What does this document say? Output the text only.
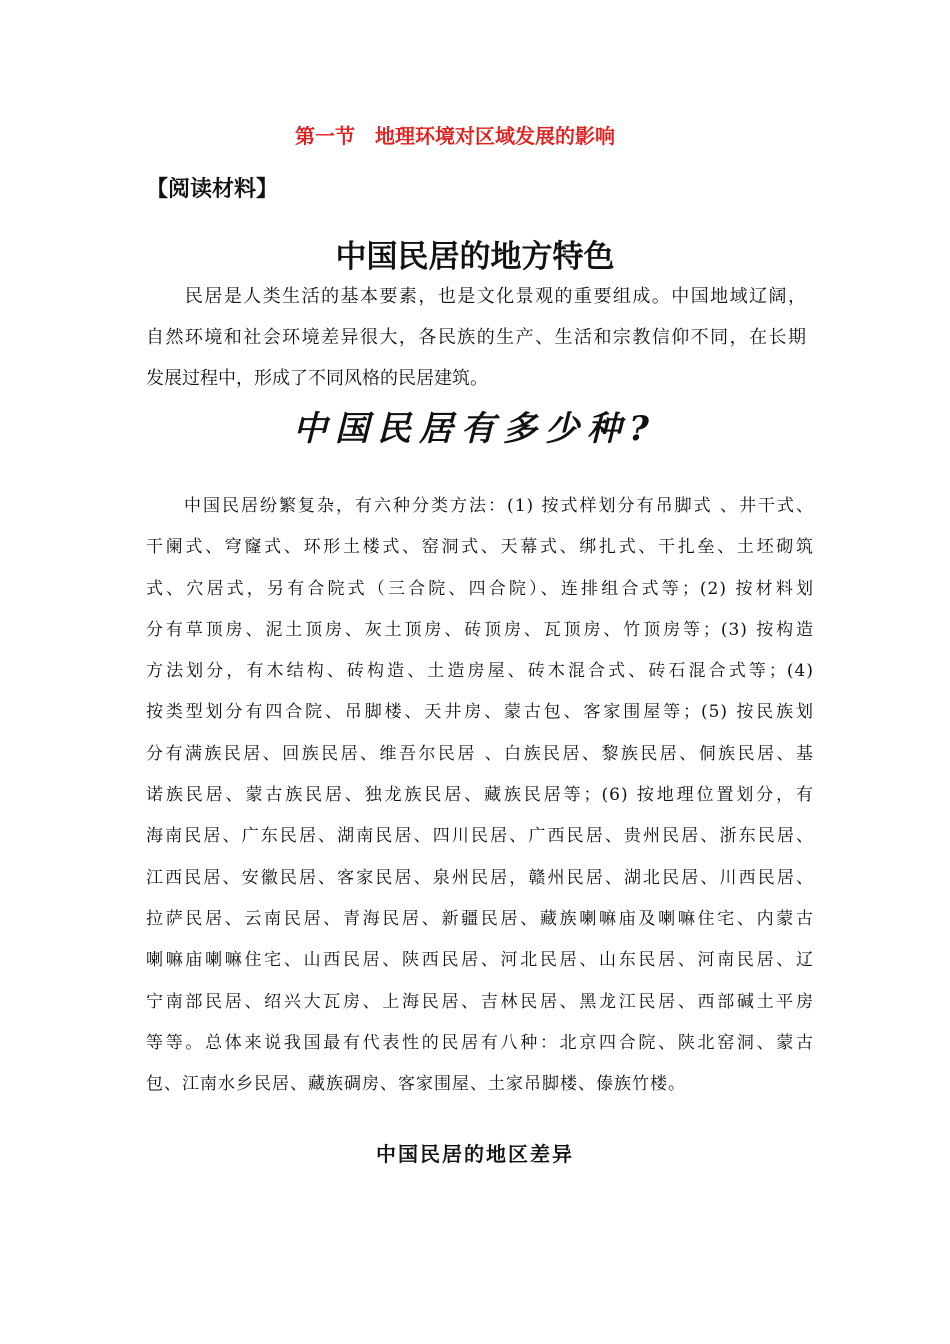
第一节　地理环境对区域发展的影响
【阅读材料】
中国民居的地方特色
　　民居是人类生活的基本要素，也是文化景观的重要组成。中国地域辽阔，
自然环境和社会环境差异很大，各民族的生产、生活和宗教信仰不同，在长期
发展过程中，形成了不同风格的民居建筑。
中国民居有多少种?
　　中国民居纷繁复杂，有六种分类方法：(1) 按式样划分有吊脚式 、井干式、
干阑式、穹窿式、环形土楼式、窑洞式、天幕式、绑扎式、干扎垒、土坯砌筑
式、穴居式，另有合院式（三合院、四合院）、连排组合式等；(2) 按材料划
分有草顶房、泥土顶房、灰土顶房、砖顶房、瓦顶房、竹顶房等；(3) 按构造
方法划分，有木结构、砖构造、土造房屋、砖木混合式、砖石混合式等；(4)
按类型划分有四合院、吊脚楼、天井房、蒙古包、客家围屋等；(5) 按民族划
分有满族民居、回族民居、维吾尔民居 、白族民居、黎族民居、侗族民居、基
诺族民居、蒙古族民居、独龙族民居、藏族民居等；(6) 按地理位置划分，有
海南民居、广东民居、湖南民居、四川民居、广西民居、贵州民居、浙东民居、
江西民居、安徽民居、客家民居、泉州民居，赣州民居、湖北民居、川西民居、
拉萨民居、云南民居、青海民居、新疆民居、藏族喇嘛庙及喇嘛住宅、内蒙古
喇嘛庙喇嘛住宅、山西民居、陕西民居、河北民居、山东民居、河南民居、辽
宁南部民居、绍兴大瓦房、上海民居、吉林民居、黑龙江民居、西部碱土平房
等等。总体来说我国最有代表性的民居有八种：北京四合院、陕北窑洞、蒙古
包、江南水乡民居、藏族碉房、客家围屋、土家吊脚楼、傣族竹楼。
中国民居的地区差异
